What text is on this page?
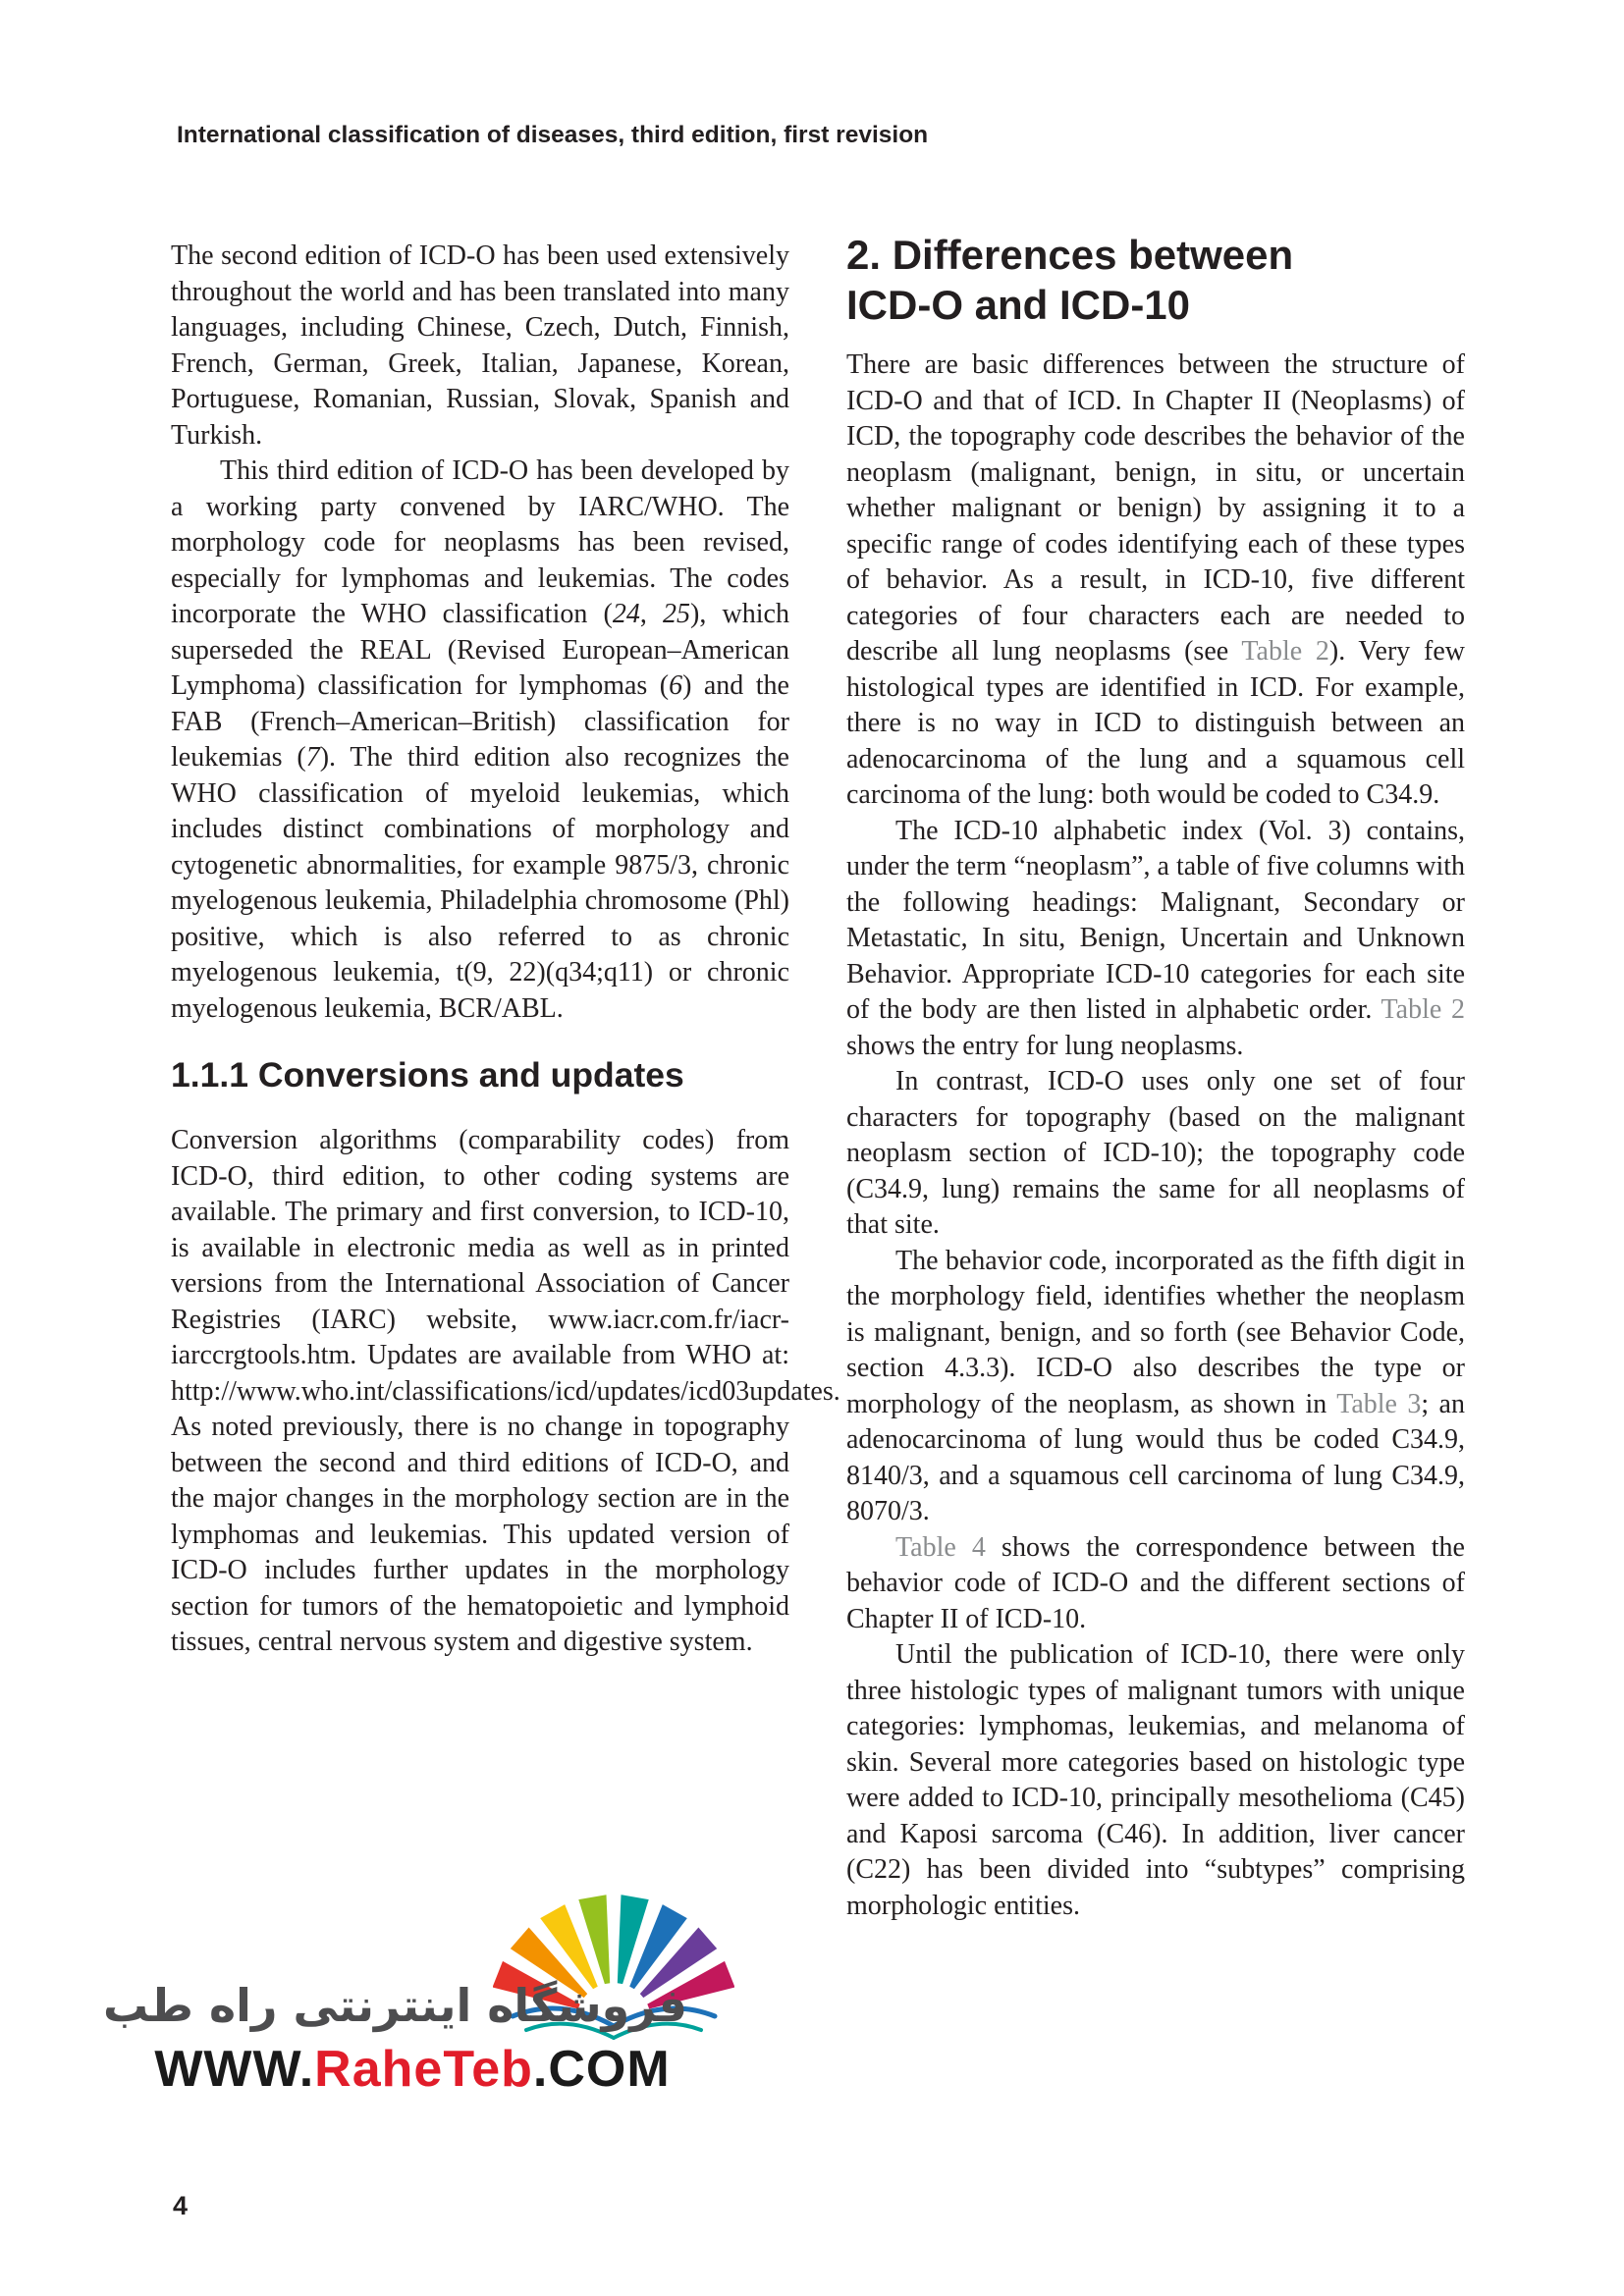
International classification of diseases, third edition, first revision

The second edition of ICD-O has been used extensively throughout the world and has been translated into many languages, including Chinese, Czech, Dutch, Finnish, French, German, Greek, Italian, Japanese, Korean, Portuguese, Romanian, Russian, Slovak, Spanish and Turkish.

This third edition of ICD-O has been developed by a working party convened by IARC/WHO. The morphology code for neoplasms has been revised, especially for lymphomas and leukemias. The codes incorporate the WHO classification (24, 25), which superseded the REAL (Revised European–American Lymphoma) classification for lymphomas (6) and the FAB (French–American–British) classification for leukemias (7). The third edition also recognizes the WHO classification of myeloid leukemias, which includes distinct combinations of morphology and cytogenetic abnormalities, for example 9875/3, chronic myelogenous leukemia, Philadelphia chromosome (Phl) positive, which is also referred to as chronic myelogenous leukemia, t(9, 22)(q34;q11) or chronic myelogenous leukemia, BCR/ABL.

1.1.1 Conversions and updates

Conversion algorithms (comparability codes) from ICD-O, third edition, to other coding systems are available. The primary and first conversion, to ICD-10, is available in electronic media as well as in printed versions from the International Association of Cancer Registries (IARC) website, www.iacr.com.fr/iacr-iarccrgtools.htm. Updates are available from WHO at: http://www.who.int/classifications/icd/updates/icd03updates. As noted previously, there is no change in topography between the second and third editions of ICD-O, and the major changes in the morphology section are in the lymphomas and leukemias. This updated version of ICD-O includes further updates in the morphology section for tumors of the hematopoietic and lymphoid tissues, central nervous system and digestive system.

2. Differences between
ICD-O and ICD-10

There are basic differences between the structure of ICD-O and that of ICD. In Chapter II (Neoplasms) of ICD, the topography code describes the behavior of the neoplasm (malignant, benign, in situ, or uncertain whether malignant or benign) by assigning it to a specific range of codes identifying each of these types of behavior. As a result, in ICD-10, five different categories of four characters each are needed to describe all lung neoplasms (see Table 2). Very few histological types are identified in ICD. For example, there is no way in ICD to distinguish between an adenocarcinoma of the lung and a squamous cell carcinoma of the lung: both would be coded to C34.9.

The ICD-10 alphabetic index (Vol. 3) contains, under the term “neoplasm”, a table of five columns with the following headings: Malignant, Secondary or Metastatic, In situ, Benign, Uncertain and Unknown Behavior. Appropriate ICD-10 categories for each site of the body are then listed in alphabetic order. Table 2 shows the entry for lung neoplasms.

In contrast, ICD-O uses only one set of four characters for topography (based on the malignant neoplasm section of ICD-10); the topography code (C34.9, lung) remains the same for all neoplasms of that site.

The behavior code, incorporated as the fifth digit in the morphology field, identifies whether the neoplasm is malignant, benign, and so forth (see Behavior Code, section 4.3.3). ICD-O also describes the type or morphology of the neoplasm, as shown in Table 3; an adenocarcinoma of lung would thus be coded C34.9, 8140/3, and a squamous cell carcinoma of lung C34.9, 8070/3.

Table 4 shows the correspondence between the behavior code of ICD-O and the different sections of Chapter II of ICD-10.

Until the publication of ICD-10, there were only three histologic types of malignant tumors with unique categories: lymphomas, leukemias, and melanoma of skin. Several more categories based on histologic type were added to ICD-10, principally mesothelioma (C45) and Kaposi sarcoma (C46). In addition, liver cancer (C22) has been divided into “subtypes” comprising morphologic entities.

فروشگاه اینترنتی راه طب
WWW.RaheTeb.COM
4
